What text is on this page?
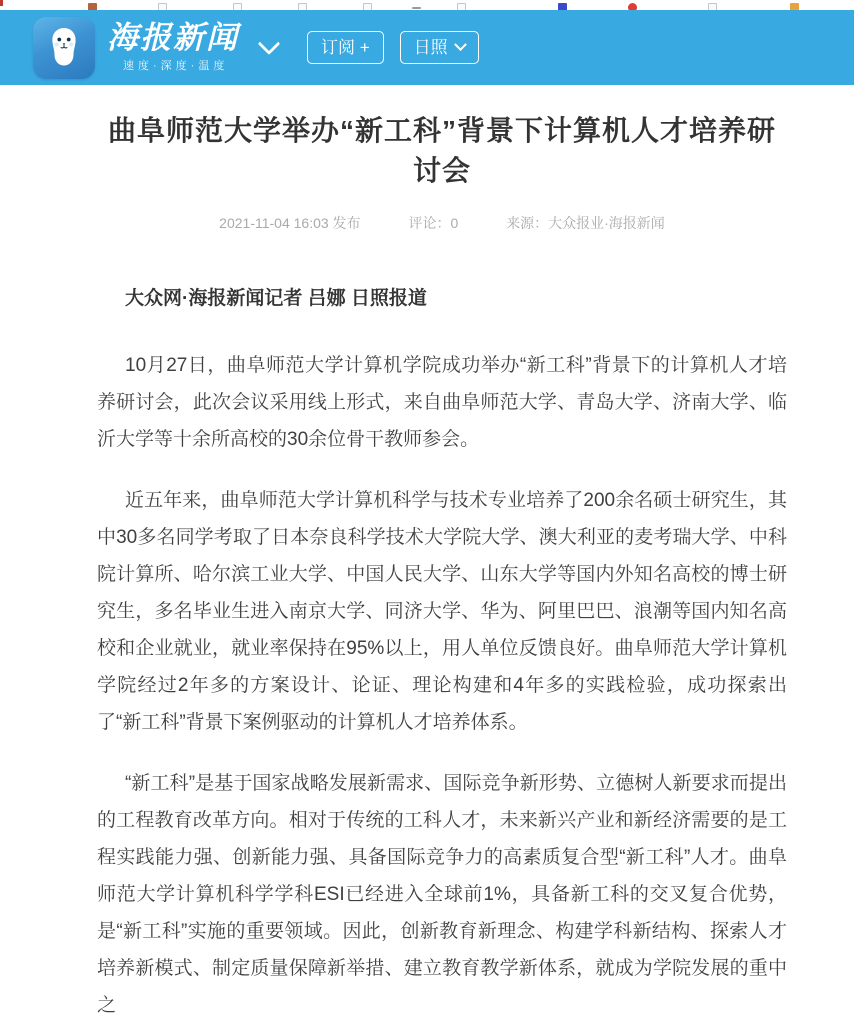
海报新闻
速度·深度·温度
订阅 +	日照
曲阜师范大学举办“新工科”背景下计算机人才培养研讨会
2021-11-04 16:03 发布	评论：0	来源：大众报业·海报新闻

大众网·海报新闻记者 吕娜 日照报道

10月27日，曲阜师范大学计算机学院成功举办“新工科”背景下的计算机人才培养研讨会，此次会议采用线上形式，来自曲阜师范大学、青岛大学、济南大学、临沂大学等十余所高校的30余位骨干教师参会。

近五年来，曲阜师范大学计算机科学与技术专业培养了200余名硕士研究生，其中30多名同学考取了日本奈良科学技术大学院大学、澳大利亚的麦考瑞大学、中科院计算所、哈尔滨工业大学、中国人民大学、山东大学等国内外知名高校的博士研究生，多名毕业生进入南京大学、同济大学、华为、阿里巴巴、浪潮等国内知名高校和企业就业，就业率保持在95%以上，用人单位反馈良好。曲阜师范大学计算机学院经过2年多的方案设计、论证、理论构建和4年多的实践检验，成功探索出了“新工科”背景下案例驱动的计算机人才培养体系。

“新工科”是基于国家战略发展新需求、国际竞争新形势、立德树人新要求而提出的工程教育改革方向。相对于传统的工科人才，未来新兴产业和新经济需要的是工程实践能力强、创新能力强、具备国际竞争力的高素质复合型“新工科”人才。曲阜师范大学计算机科学学科ESI已经进入全球前1%，具备新工科的交叉复合优势，是“新工科”实施的重要领域。因此，创新教育新理念、构建学科新结构、探索人才培养新模式、制定质量保障新举措、建立教育教学新体系，就成为学院发展的重中之
